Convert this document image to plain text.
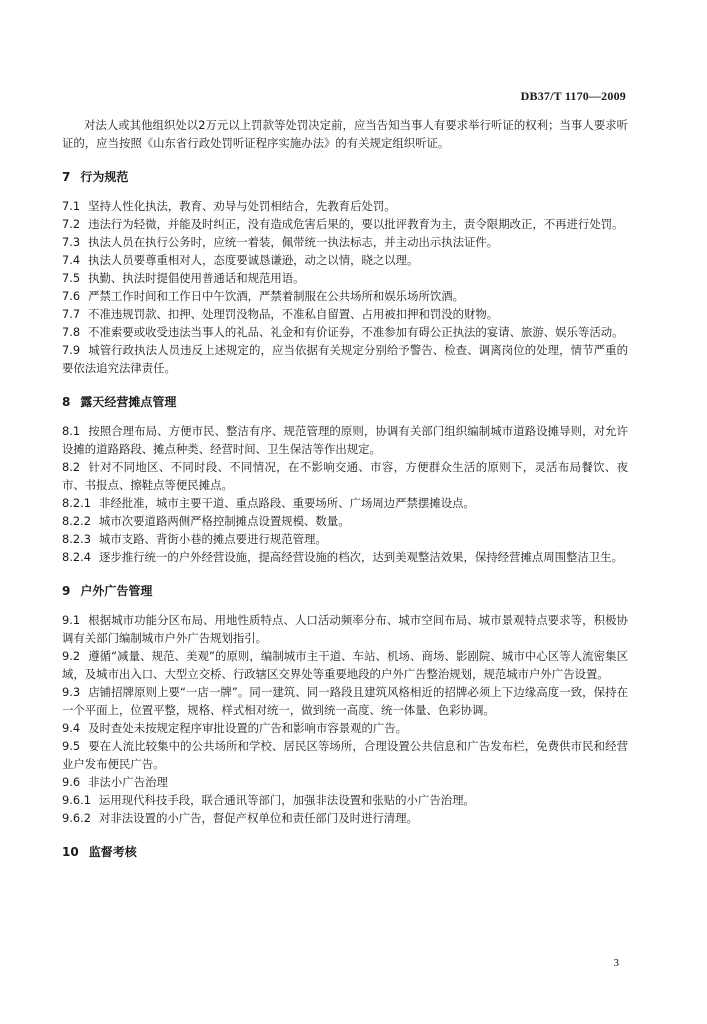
DB37/T 1170—2009

对法人或其他组织处以2万元以上罚款等处罚决定前，应当告知当事人有要求举行听证的权利；当事人要求听证的，应当按照《山东省行政处罚听证程序实施办法》的有关规定组织听证。

7 行为规范

7.1 坚持人性化执法，教育、劝导与处罚相结合，先教育后处罚。

7.2 违法行为轻微，并能及时纠正，没有造成危害后果的，要以批评教育为主，责令限期改正，不再进行处罚。

7.3 执法人员在执行公务时，应统一着装，佩带统一执法标志，并主动出示执法证件。

7.4 执法人员要尊重相对人，态度要诚恳谦逊，动之以情，晓之以理。

7.5 执勤、执法时提倡使用普通话和规范用语。

7.6 严禁工作时间和工作日中午饮酒，严禁着制服在公共场所和娱乐场所饮酒。

7.7 不准违规罚款、扣押、处理罚没物品，不准私自留置、占用被扣押和罚没的财物。

7.8 不准索要或收受违法当事人的礼品、礼金和有价证券，不准参加有碍公正执法的宴请、旅游、娱乐等活动。

7.9 城管行政执法人员违反上述规定的，应当依据有关规定分别给予警告、检查、调离岗位的处理，情节严重的要依法追究法律责任。

8 露天经营摊点管理

8.1 按照合理布局、方便市民、整洁有序、规范管理的原则，协调有关部门组织编制城市道路设摊导则，对允许设摊的道路路段、摊点种类、经营时间、卫生保洁等作出规定。

8.2 针对不同地区、不同时段、不同情况，在不影响交通、市容，方便群众生活的原则下，灵活布局餐饮、夜市、书报点、擦鞋点等便民摊点。

8.2.1 非经批准，城市主要干道、重点路段、重要场所、广场周边严禁摆摊设点。

8.2.2 城市次要道路两侧严格控制摊点设置规模、数量。

8.2.3 城市支路、背街小巷的摊点要进行规范管理。

8.2.4 逐步推行统一的户外经营设施，提高经营设施的档次，达到美观整洁效果，保持经营摊点周围整洁卫生。

9 户外广告管理

9.1 根据城市功能分区布局、用地性质特点、人口活动频率分布、城市空间布局、城市景观特点要求等，积极协调有关部门编制城市户外广告规划指引。

9.2 遵循“减量、规范、美观”的原则，编制城市主干道、车站、机场、商场、影剧院、城市中心区等人流密集区域，及城市出入口、大型立交桥、行政辖区交界处等重要地段的户外广告整治规划，规范城市户外广告设置。

9.3 店铺招牌原则上要“一店一牌”。同一建筑、同一路段且建筑风格相近的招牌必须上下边缘高度一致，保持在一个平面上，位置平整，规格、样式相对统一，做到统一高度、统一体量、色彩协调。

9.4 及时查处未按规定程序审批设置的广告和影响市容景观的广告。

9.5 要在人流比较集中的公共场所和学校、居民区等场所，合理设置公共信息和广告发布栏，免费供市民和经营业户发布便民广告。

9.6 非法小广告治理

9.6.1 运用现代科技手段，联合通讯等部门，加强非法设置和张贴的小广告治理。

9.6.2 对非法设置的小广告，督促产权单位和责任部门及时进行清理。

10 监督考核
3
